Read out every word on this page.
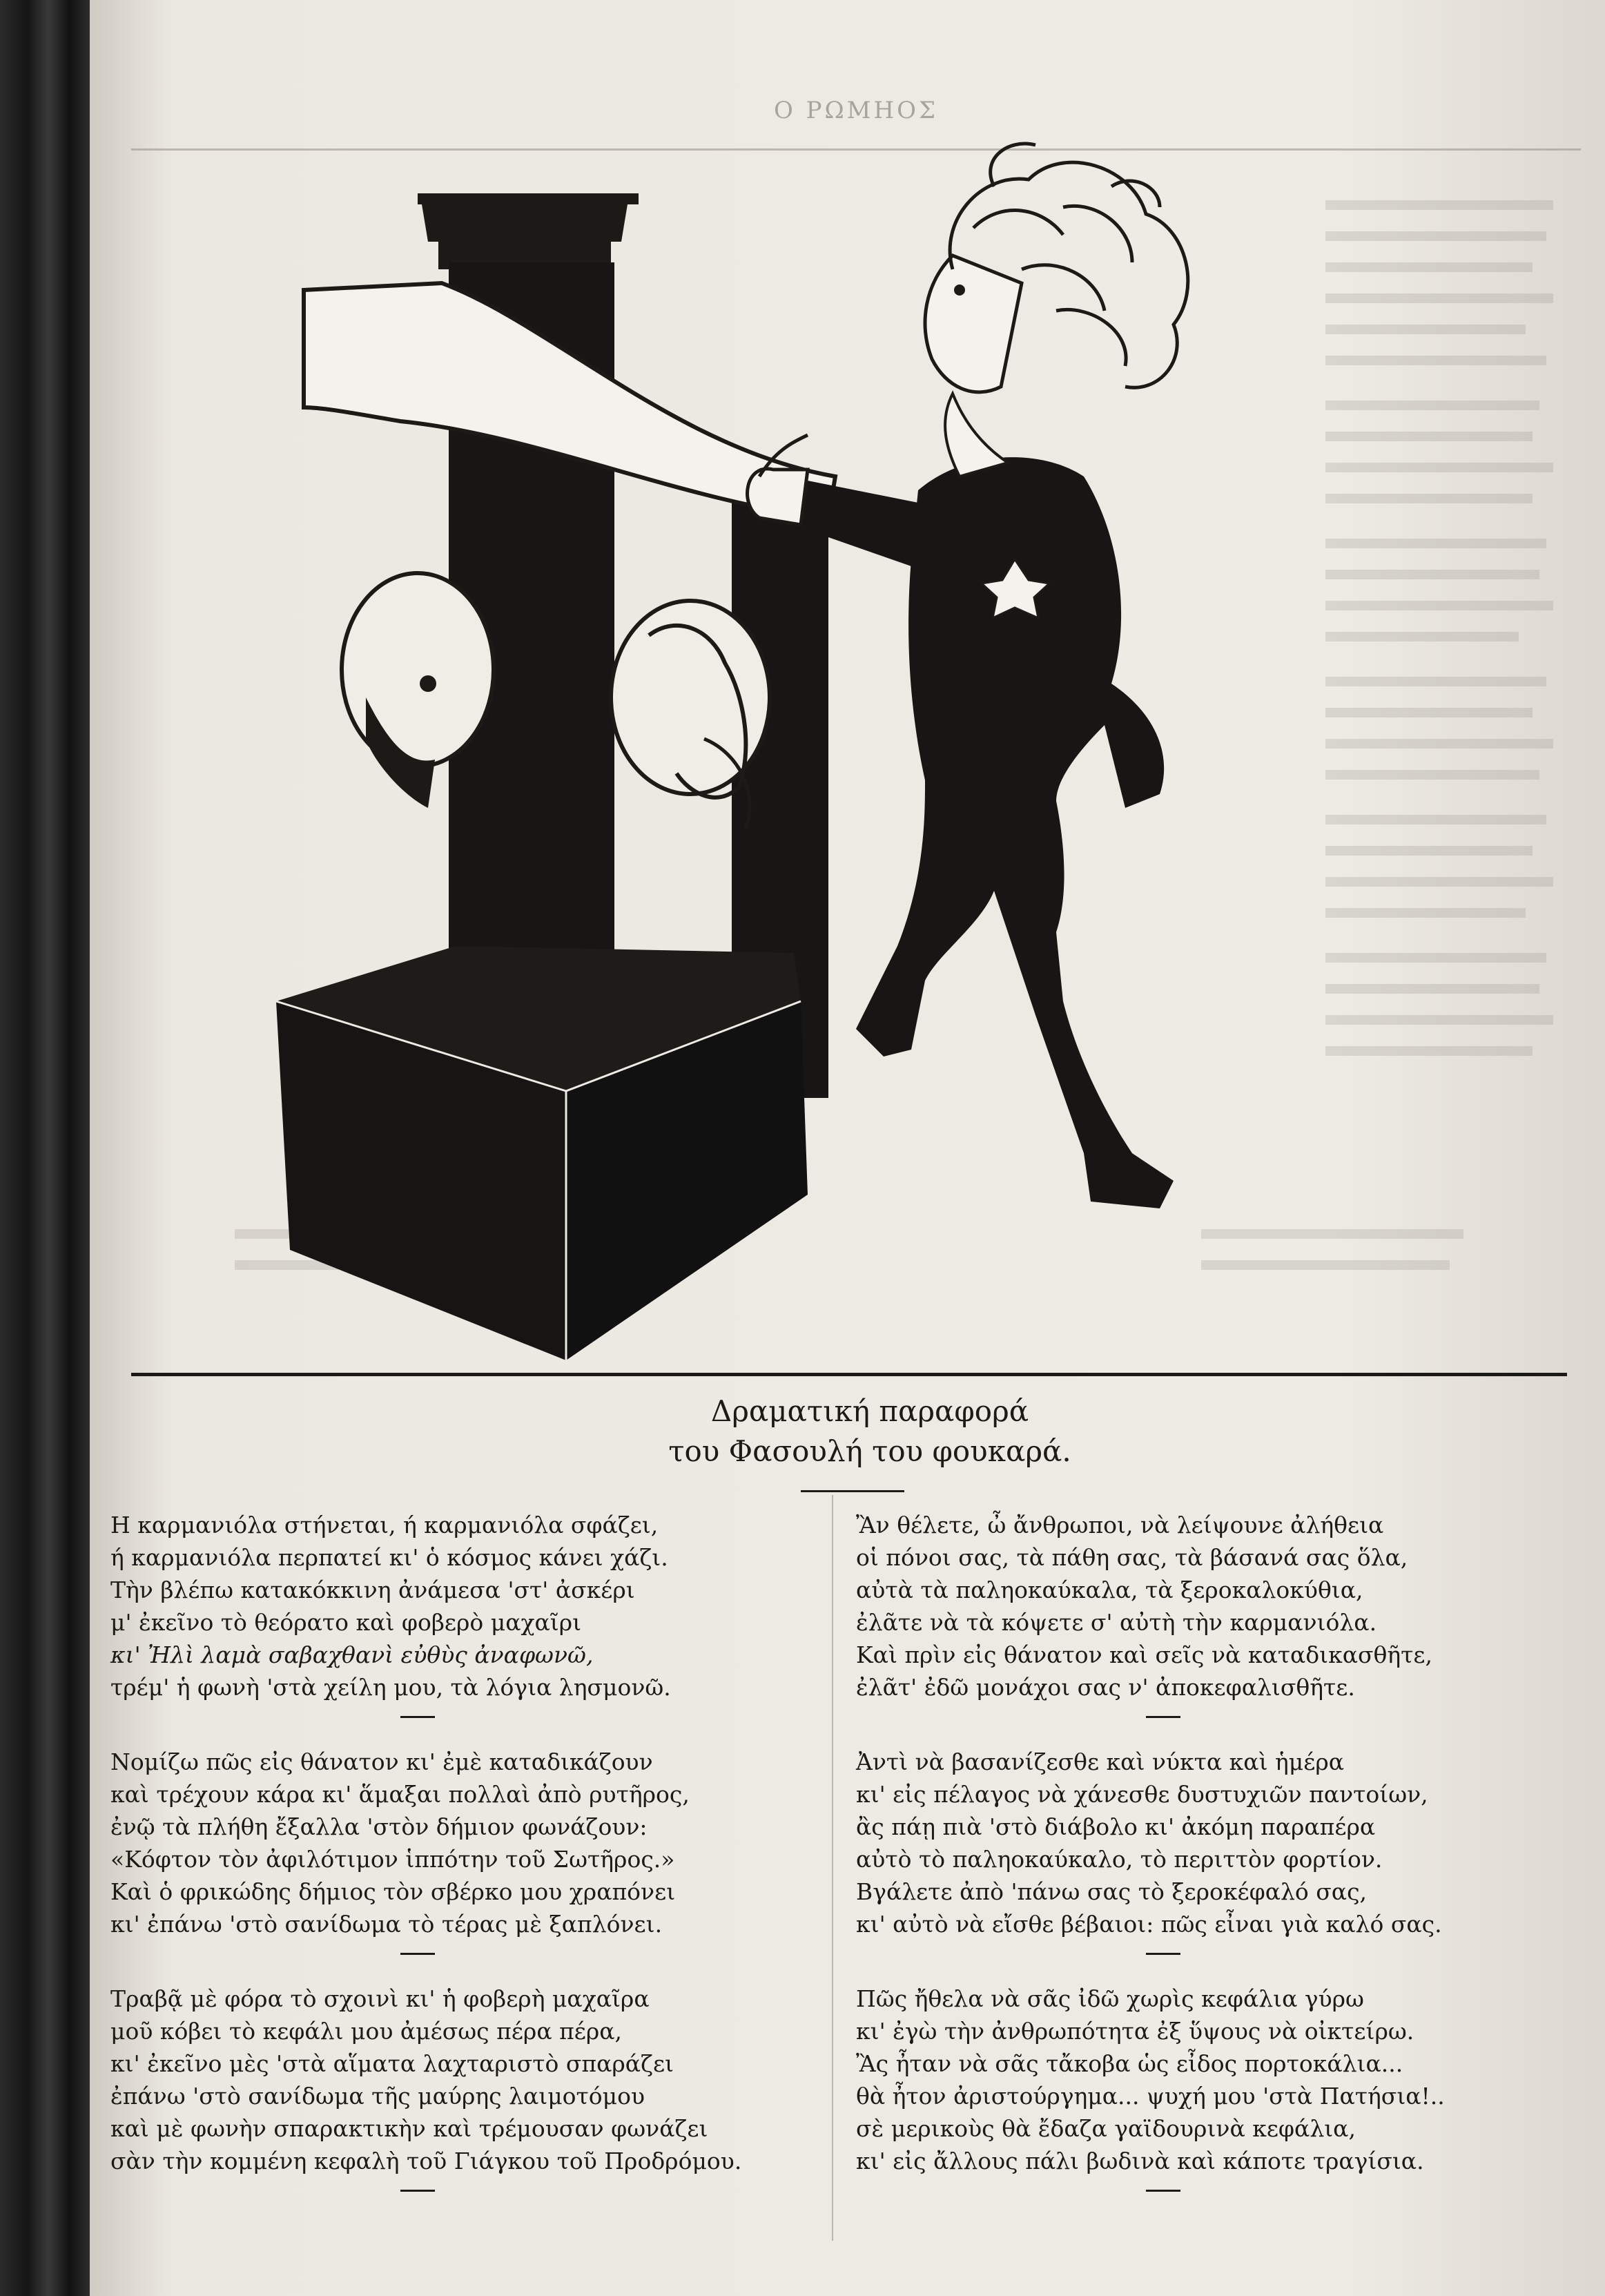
Ο ΡΩΜΗΟΣ
Δραματική παραφορά
του Φασουλή του φουκαρά.
Η καρμανιόλα στήνεται, ή καρμανιόλα σφάζει,
ή καρμανιόλα περπατεί κι' ὁ κόσμος κάνει χάζι.
Τὴν βλέπω κατακόκκινη ἀνάμεσα 'στ' ἀσκέρι
μ' ἐκεῖνο τὸ θεόρατο καὶ φοβερὸ μαχαῖρι
κι' Ἠλὶ λαμὰ σαβαχθανὶ εὐθὺς ἀναφωνῶ,
τρέμ' ἡ φωνὴ 'στὰ χείλη μου, τὰ λόγια λησμονῶ.
Νομίζω πῶς εἰς θάνατον κι' ἐμὲ καταδικάζουν
καὶ τρέχουν κάρα κι' ἅμαξαι πολλαὶ ἀπὸ ρυτῆρος,
ἐνῷ τὰ πλήθη ἔξαλλα 'στὸν δήμιον φωνάζουν:
«Κόφτον τὸν ἀφιλότιμον ἱππότην τοῦ Σωτῆρος.»
Καὶ ὁ φρικώδης δήμιος τὸν σβέρκο μου χραπόνει
κι' ἐπάνω 'στὸ σανίδωμα τὸ τέρας μὲ ξαπλόνει.
Τραβᾷ μὲ φόρα τὸ σχοινὶ κι' ἡ φοβερὴ μαχαῖρα
μοῦ κόβει τὸ κεφάλι μου ἀμέσως πέρα πέρα,
κι' ἐκεῖνο μὲς 'στὰ αἵματα λαχταριστὸ σπαράζει
ἐπάνω 'στὸ σανίδωμα τῆς μαύρης λαιμοτόμου
καὶ μὲ φωνὴν σπαρακτικὴν καὶ τρέμουσαν φωνάζει
σὰν τὴν κομμένη κεφαλὴ τοῦ Γιάγκου τοῦ Προδρόμου.
Ἂν θέλετε, ὦ ἄνθρωποι, νὰ λείψουνε ἀλήθεια
οἱ πόνοι σας, τὰ πάθη σας, τὰ βάσανά σας ὅλα,
αὐτὰ τὰ παληοκαύκαλα, τὰ ξεροκαλοκύθια,
ἐλᾶτε νὰ τὰ κόψετε σ' αὐτὴ τὴν καρμανιόλα.
Καὶ πρὶν εἰς θάνατον καὶ σεῖς νὰ καταδικασθῆτε,
ἐλᾶτ' ἐδῶ μονάχοι σας ν' ἀποκεφαλισθῆτε.
Ἀντὶ νὰ βασανίζεσθε καὶ νύκτα καὶ ἡμέρα
κι' εἰς πέλαγος νὰ χάνεσθε δυστυχιῶν παντοίων,
ἂς πάῃ πιὰ 'στὸ διάβολο κι' ἀκόμη παραπέρα
αὐτὸ τὸ παληοκαύκαλο, τὸ περιττὸν φορτίον.
Βγάλετε ἀπὸ 'πάνω σας τὸ ξεροκέφαλό σας,
κι' αὐτὸ νὰ εἴσθε βέβαιοι: πῶς εἶναι γιὰ καλό σας.
Πῶς ἤθελα νὰ σᾶς ἰδῶ χωρὶς κεφάλια γύρω
κι' ἐγὼ τὴν ἀνθρωπότητα ἐξ ὕψους νὰ οἰκτείρω.
Ἂς ἦταν νὰ σᾶς τἄκοβα ὡς εἶδος πορτοκάλια...
θὰ ἦτον ἀριστούργημα... ψυχή μου 'στὰ Πατήσια!..
σὲ μερικοὺς θὰ ἔδαζα γαϊδουρινὰ κεφάλια,
κι' εἰς ἄλλους πάλι βωδινὰ καὶ κάποτε τραγίσια.
